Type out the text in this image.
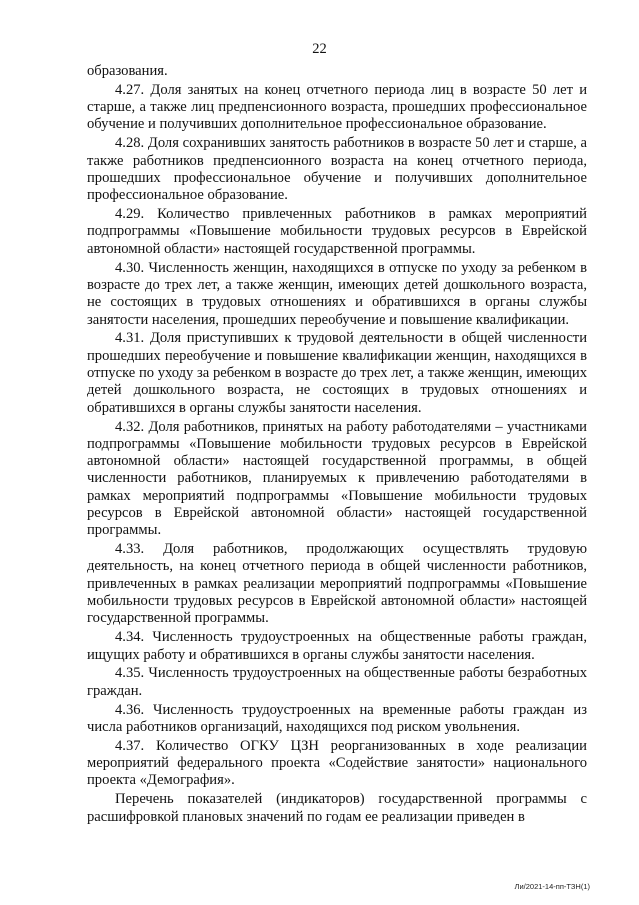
22

образования.

4.27. Доля занятых на конец отчетного периода лиц в возрасте 50 лет и старше, а также лиц предпенсионного возраста, прошедших профессиональное обучение и получивших дополнительное профессиональное образование.

4.28. Доля сохранивших занятость работников в возрасте 50 лет и старше, а также работников предпенсионного возраста на конец отчетного периода, прошедших профессиональное обучение и получивших дополнительное профессиональное образование.

4.29. Количество привлеченных работников в рамках мероприятий подпрограммы «Повышение мобильности трудовых ресурсов в Еврейской автономной области» настоящей государственной программы.

4.30. Численность женщин, находящихся в отпуске по уходу за ребенком в возрасте до трех лет, а также женщин, имеющих детей дошкольного возраста, не состоящих в трудовых отношениях и обратившихся в органы службы занятости населения, прошедших переобучение и повышение квалификации.

4.31. Доля приступивших к трудовой деятельности в общей численности прошедших переобучение и повышение квалификации женщин, находящихся в отпуске по уходу за ребенком в возрасте до трех лет, а также женщин, имеющих детей дошкольного возраста, не состоящих в трудовых отношениях и обратившихся в органы службы занятости населения.

4.32. Доля работников, принятых на работу работодателями – участниками подпрограммы «Повышение мобильности трудовых ресурсов в Еврейской автономной области» настоящей государственной программы, в общей численности работников, планируемых к привлечению работодателями в рамках мероприятий подпрограммы «Повышение мобильности трудовых ресурсов в Еврейской автономной области» настоящей государственной программы.

4.33. Доля работников, продолжающих осуществлять трудовую деятельность, на конец отчетного периода в общей численности работников, привлеченных в рамках реализации мероприятий подпрограммы «Повышение мобильности трудовых ресурсов в Еврейской автономной области» настоящей государственной программы.

4.34. Численность трудоустроенных на общественные работы граждан, ищущих работу и обратившихся в органы службы занятости населения.

4.35. Численность трудоустроенных на общественные работы безработных граждан.

4.36. Численность трудоустроенных на временные работы граждан из числа работников организаций, находящихся под риском увольнения.

4.37. Количество ОГКУ ЦЗН реорганизованных в ходе реализации мероприятий федерального проекта «Содействие занятости» национального проекта «Демография».

Перечень показателей (индикаторов) государственной программы с расшифровкой плановых значений по годам ее реализации приведен в

Ли/2021-14-пп-ТЗН(1)
